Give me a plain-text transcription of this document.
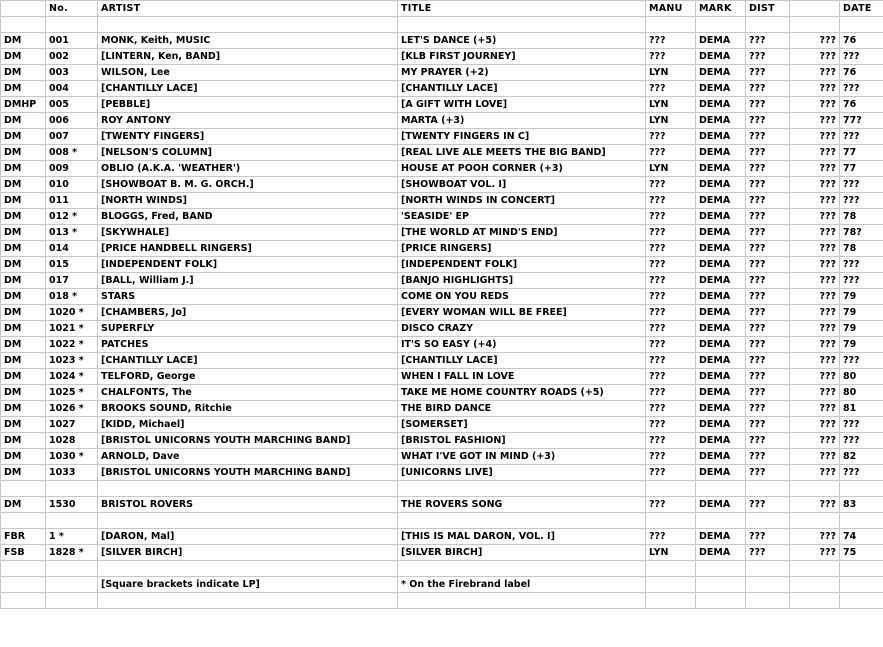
	No.	ARTIST	TITLE	MANU	MARK	DIST		DATE

DM	001	MONK, Keith, MUSIC	LET'S DANCE (+5)	???	DEMA	???	???	76
DM	002	[LINTERN, Ken, BAND]	[KLB FIRST JOURNEY]	???	DEMA	???	???	???
DM	003	WILSON, Lee	MY PRAYER (+2)	LYN	DEMA	???	???	76
DM	004	[CHANTILLY LACE]	[CHANTILLY LACE]	???	DEMA	???	???	???
DMHP	005	[PEBBLE]	[A GIFT WITH LOVE]	LYN	DEMA	???	???	76
DM	006	ROY ANTONY	MARTA (+3)	LYN	DEMA	???	???	77?
DM	007	[TWENTY FINGERS]	[TWENTY FINGERS IN C]	???	DEMA	???	???	???
DM	008 *	[NELSON'S COLUMN]	[REAL LIVE ALE MEETS THE BIG BAND]	???	DEMA	???	???	77
DM	009	OBLIO (A.K.A. 'WEATHER')	HOUSE AT POOH CORNER (+3)	LYN	DEMA	???	???	77
DM	010	[SHOWBOAT B. M. G. ORCH.]	[SHOWBOAT VOL. I]	???	DEMA	???	???	???
DM	011	[NORTH WINDS]	[NORTH WINDS IN CONCERT]	???	DEMA	???	???	???
DM	012 *	BLOGGS, Fred, BAND	'SEASIDE' EP	???	DEMA	???	???	78
DM	013 *	[SKYWHALE]	[THE WORLD AT MIND'S END]	???	DEMA	???	???	78?
DM	014	[PRICE HANDBELL RINGERS]	[PRICE RINGERS]	???	DEMA	???	???	78
DM	015	[INDEPENDENT FOLK]	[INDEPENDENT FOLK]	???	DEMA	???	???	???
DM	017	[BALL, William J.]	[BANJO HIGHLIGHTS]	???	DEMA	???	???	???
DM	018 *	STARS	COME ON YOU REDS	???	DEMA	???	???	79
DM	1020 *	[CHAMBERS, Jo]	[EVERY WOMAN WILL BE FREE]	???	DEMA	???	???	79
DM	1021 *	SUPERFLY	DISCO CRAZY	???	DEMA	???	???	79
DM	1022 *	PATCHES	IT'S SO EASY (+4)	???	DEMA	???	???	79
DM	1023 *	[CHANTILLY LACE]	[CHANTILLY LACE]	???	DEMA	???	???	???
DM	1024 *	TELFORD, George	WHEN I FALL IN LOVE	???	DEMA	???	???	80
DM	1025 *	CHALFONTS, The	TAKE ME HOME COUNTRY ROADS (+5)	???	DEMA	???	???	80
DM	1026 *	BROOKS SOUND, Ritchie	THE BIRD DANCE	???	DEMA	???	???	81
DM	1027	[KIDD, Michael]	[SOMERSET]	???	DEMA	???	???	???
DM	1028	[BRISTOL UNICORNS YOUTH MARCHING BAND]	[BRISTOL FASHION]	???	DEMA	???	???	???
DM	1030 *	ARNOLD, Dave	WHAT I'VE GOT IN MIND (+3)	???	DEMA	???	???	82
DM	1033	[BRISTOL UNICORNS YOUTH MARCHING BAND]	[UNICORNS LIVE]	???	DEMA	???	???	???

DM	1530	BRISTOL ROVERS	THE ROVERS SONG	???	DEMA	???	???	83

FBR	1 *	[DARON, Mal]	[THIS IS MAL DARON, VOL. I]	???	DEMA	???	???	74
FSB	1828 *	[SILVER BIRCH]	[SILVER BIRCH]	LYN	DEMA	???	???	75

		[Square brackets indicate LP]	* On the Firebrand label					
